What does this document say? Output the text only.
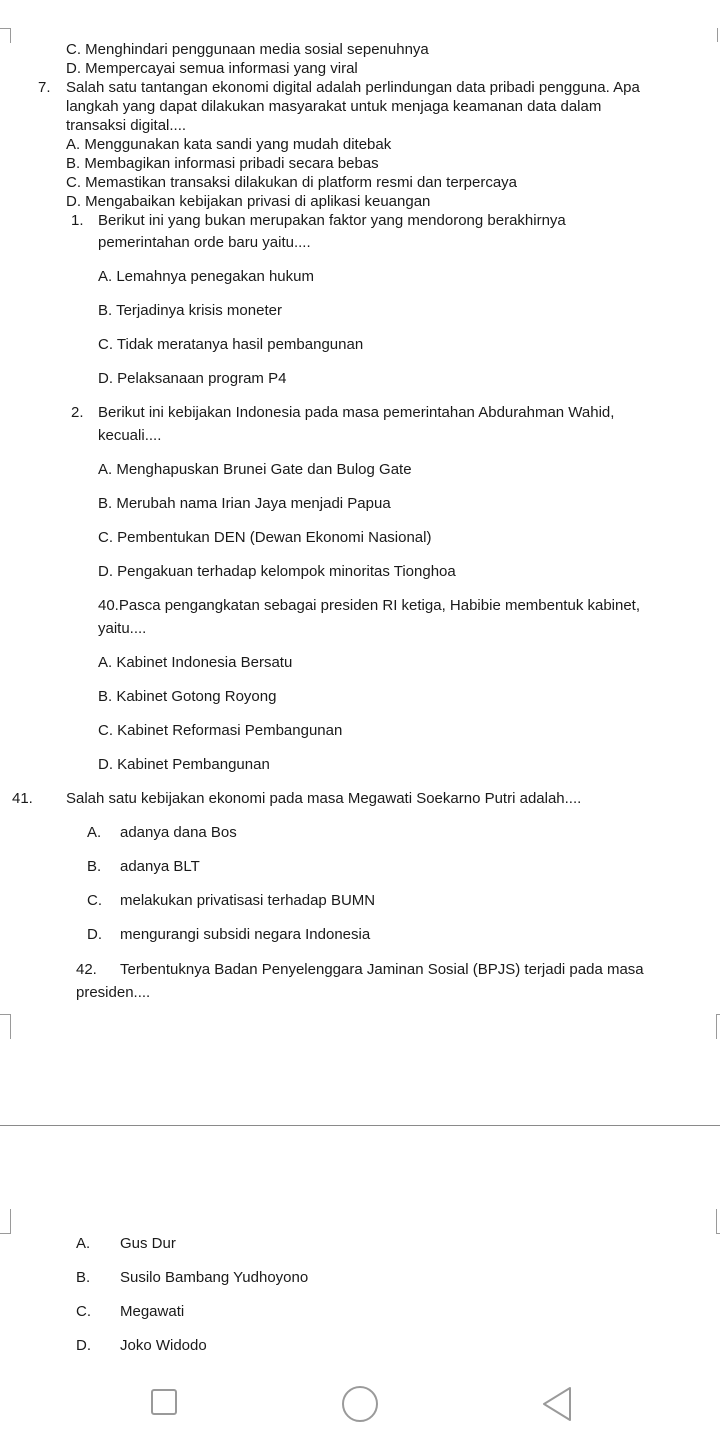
C. Menghindari penggunaan media sosial sepenuhnya
D. Mempercayai semua informasi yang viral
7. Salah satu tantangan ekonomi digital adalah perlindungan data pribadi pengguna. Apa
langkah yang dapat dilakukan masyarakat untuk menjaga keamanan data dalam
transaksi digital....
A. Menggunakan kata sandi yang mudah ditebak
B. Membagikan informasi pribadi secara bebas
C. Memastikan transaksi dilakukan di platform resmi dan terpercaya
D. Mengabaikan kebijakan privasi di aplikasi keuangan
1. Berikut ini yang bukan merupakan faktor yang mendorong berakhirnya
pemerintahan orde baru yaitu....
A. Lemahnya penegakan hukum
B. Terjadinya krisis moneter
C. Tidak meratanya hasil pembangunan
D. Pelaksanaan program P4
2. Berikut ini kebijakan Indonesia pada masa pemerintahan Abdurahman Wahid,
kecuali....
A. Menghapuskan Brunei Gate dan Bulog Gate
B. Merubah nama Irian Jaya menjadi Papua
C. Pembentukan DEN (Dewan Ekonomi Nasional)
D. Pengakuan terhadap kelompok minoritas Tionghoa
40.Pasca pengangkatan sebagai presiden RI ketiga, Habibie membentuk kabinet,
yaitu....
A. Kabinet Indonesia Bersatu
B. Kabinet Gotong Royong
C. Kabinet Reformasi Pembangunan
D. Kabinet Pembangunan
41. Salah satu kebijakan ekonomi pada masa Megawati Soekarno Putri adalah....
A. adanya dana Bos
B. adanya BLT
C. melakukan privatisasi terhadap BUMN
D. mengurangi subsidi negara Indonesia
42. Terbentuknya Badan Penyelenggara Jaminan Sosial (BPJS) terjadi pada masa
presiden....
A. Gus Dur
B. Susilo Bambang Yudhoyono
C. Megawati
D. Joko Widodo
